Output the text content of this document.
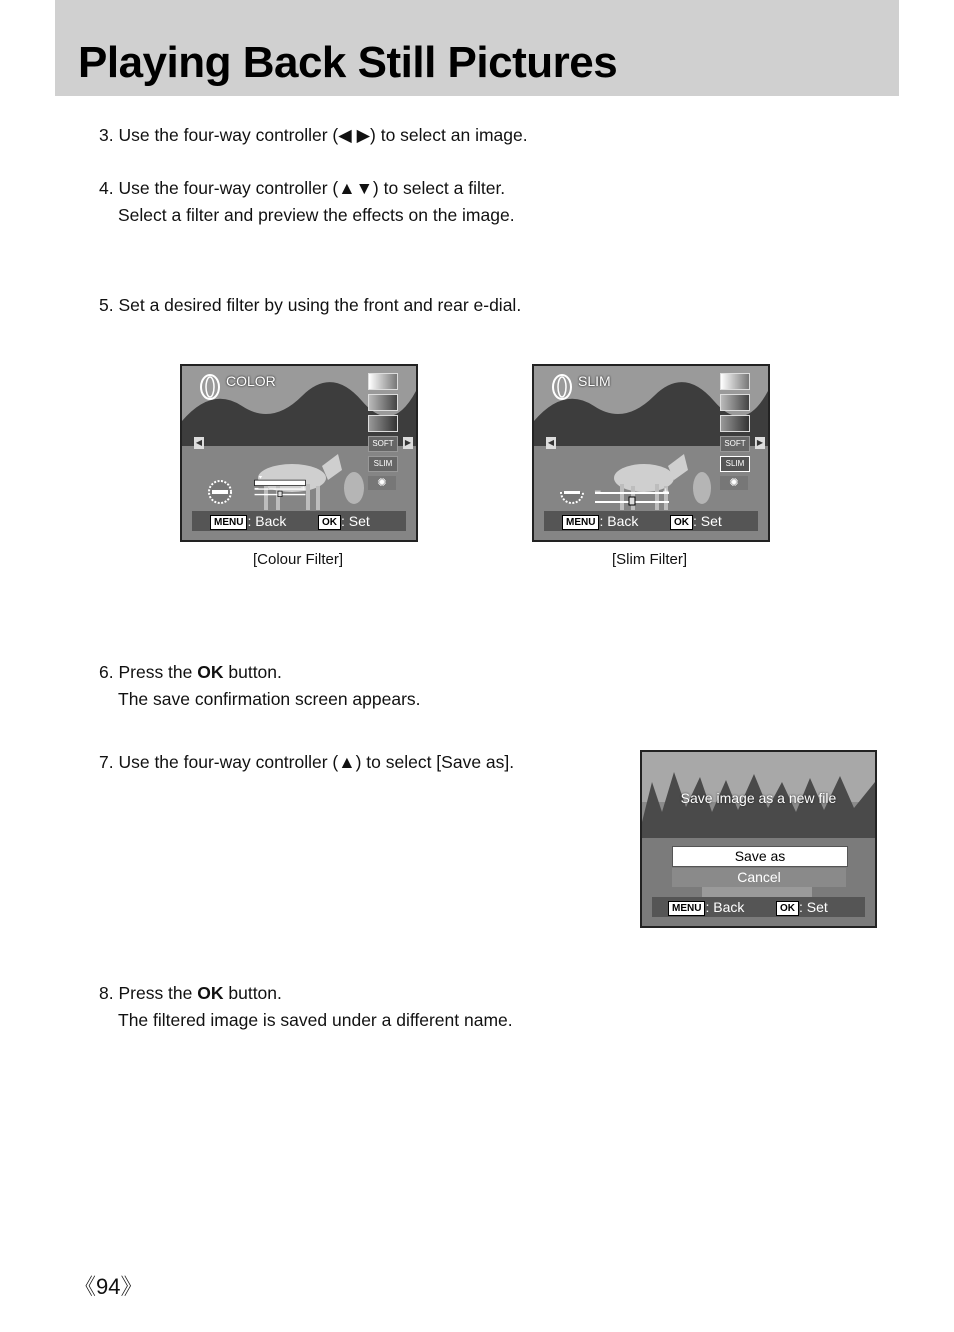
Playing Back Still Pictures
3. Use the four-way controller (◀ ▶) to select an image.
4. Use the four-way controller (▲▼) to select a filter.
Select a filter and preview the effects on the image.
5. Set a desired filter by using the front and rear e-dial.
COLOR
SOFT
SLIM
✺
◀	▶
−	+
MENU : Back	OK : Set
[Colour Filter]
SLIM
SOFT
SLIM
✺
◀	▶
−	+
MENU : Back	OK : Set
[Slim Filter]
6. Press the OK button.
The save confirmation screen appears.
7. Use the four-way controller (▲) to select [Save as].
Save image as a new file
Save as
Cancel
MENU : Back	OK : Set
8. Press the OK button.
The filtered image is saved under a different name.
《94》
